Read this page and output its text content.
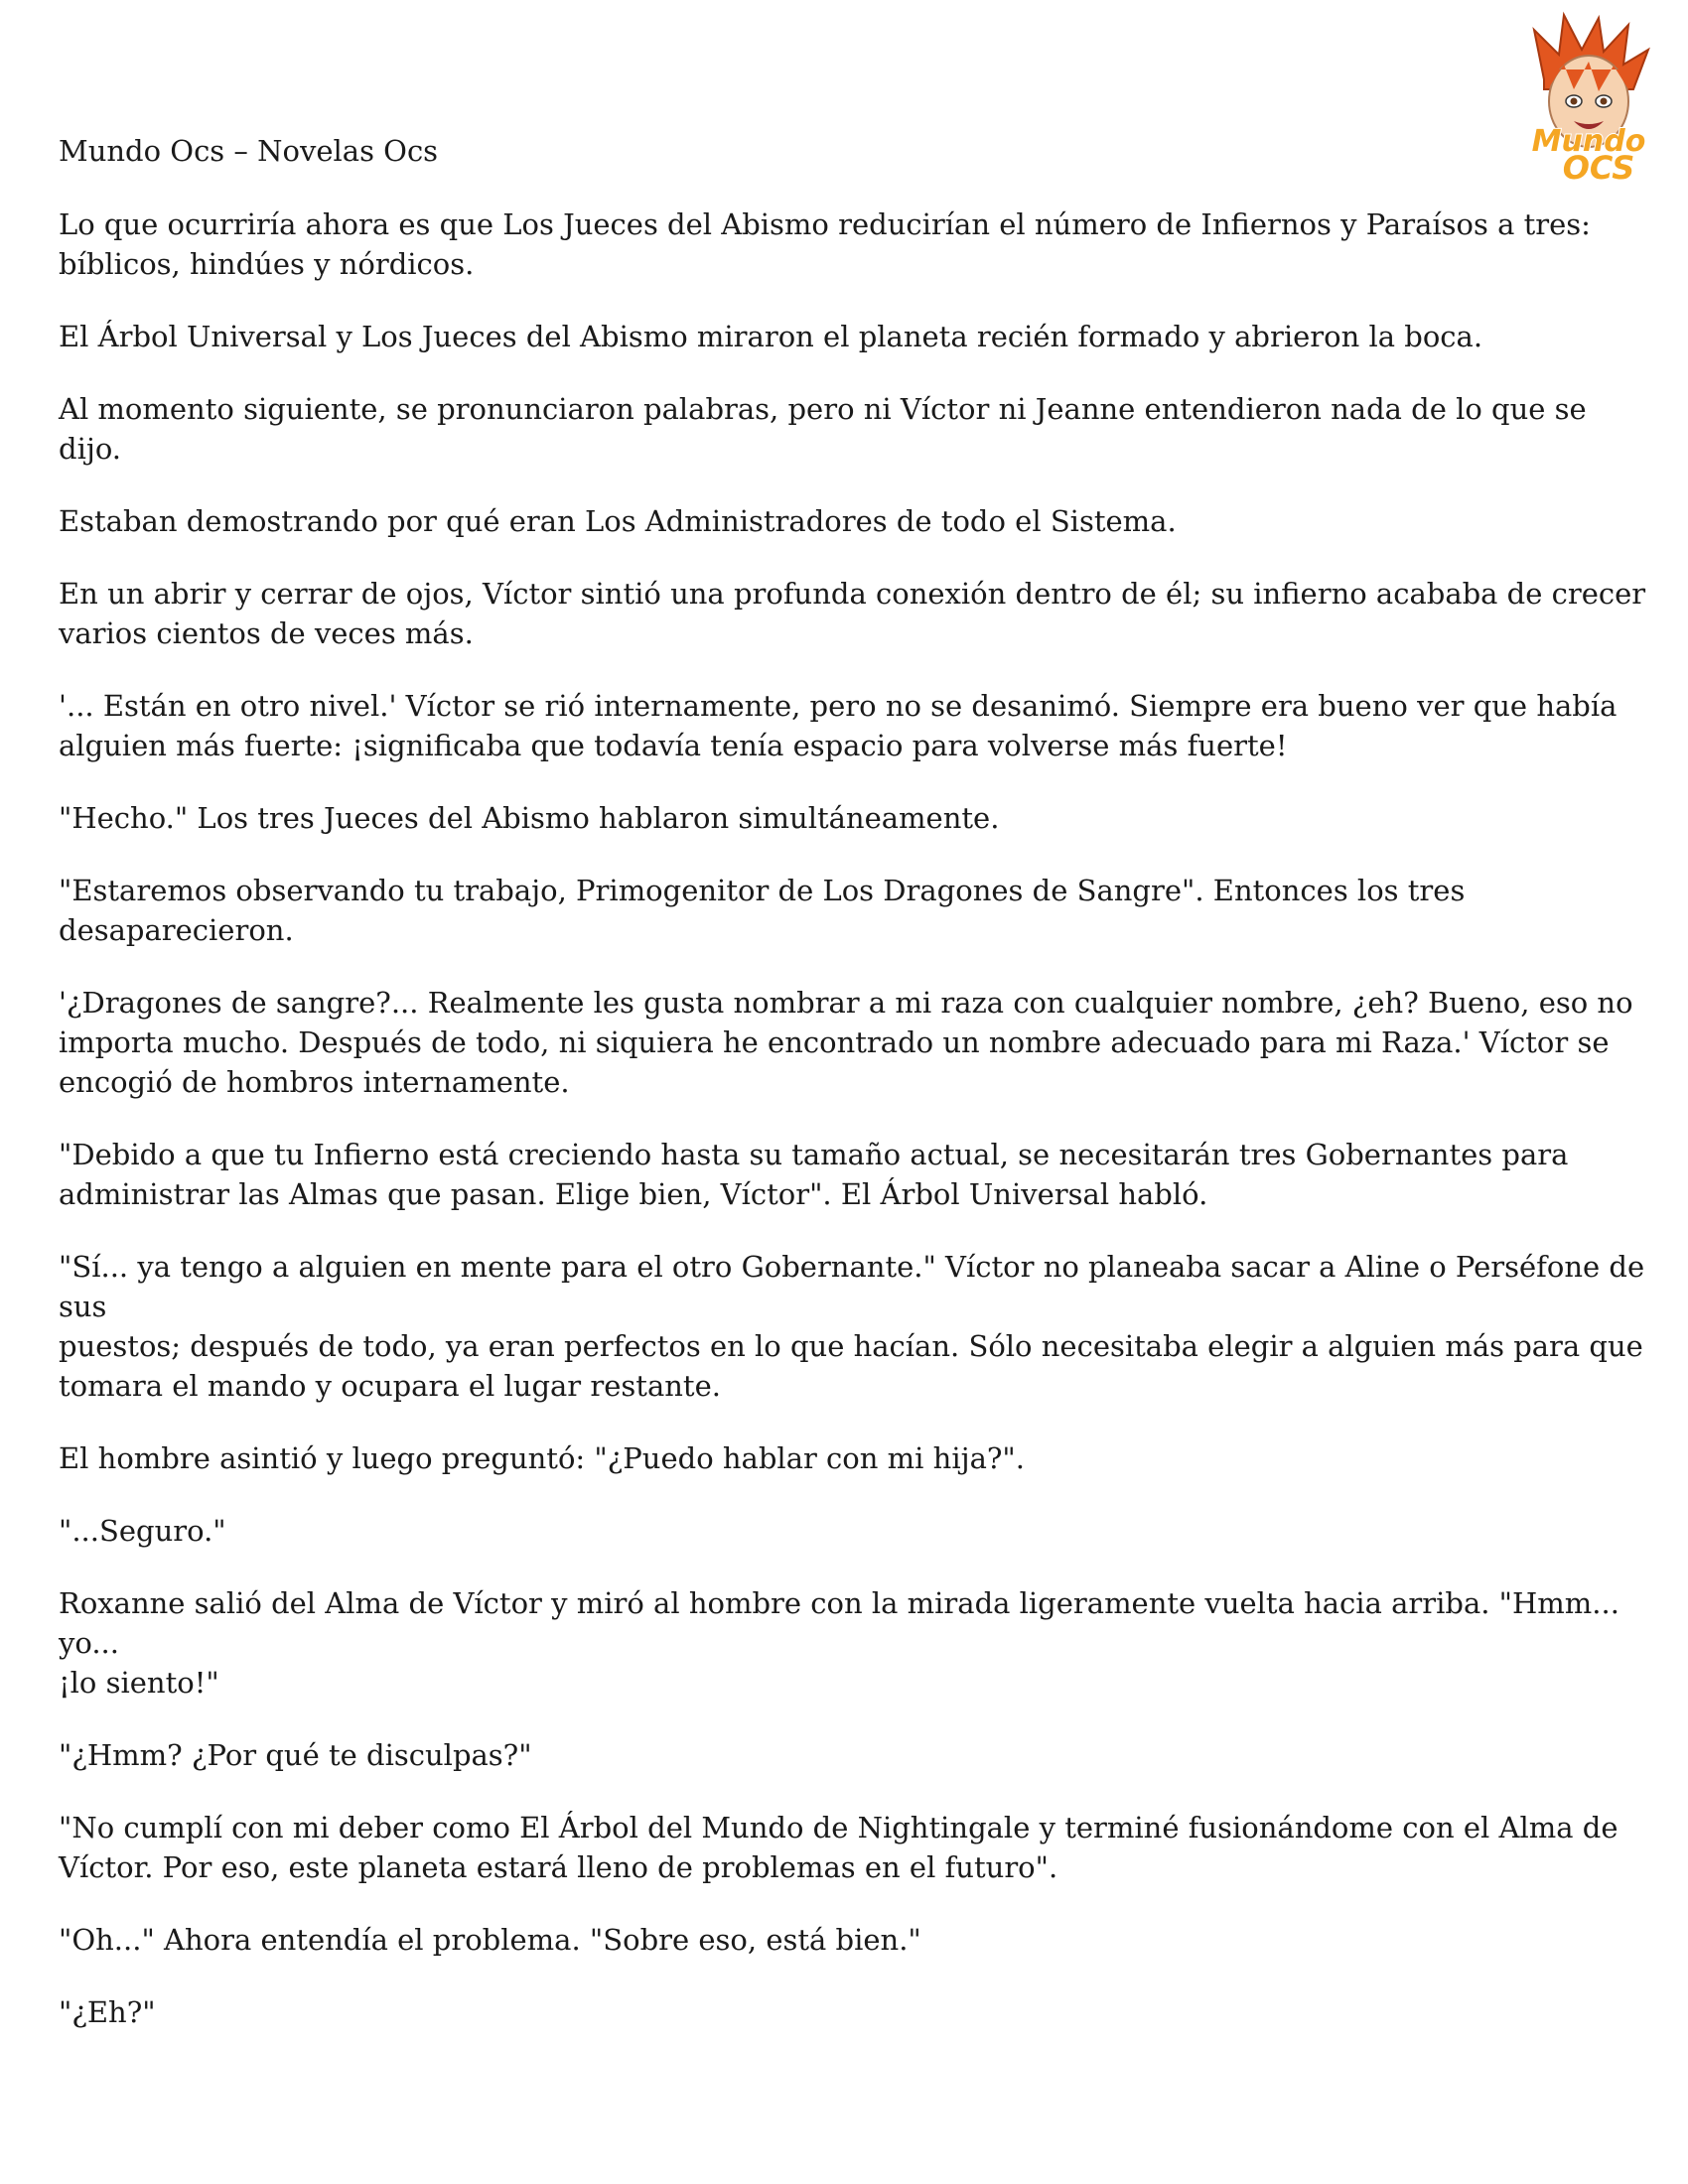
Mundo
OCS

Mundo Ocs – Novelas Ocs

Lo que ocurriría ahora es que Los Jueces del Abismo reducirían el número de Infiernos y Paraísos a tres:
bíblicos, hindúes y nórdicos.

El Árbol Universal y Los Jueces del Abismo miraron el planeta recién formado y abrieron la boca.

Al momento siguiente, se pronunciaron palabras, pero ni Víctor ni Jeanne entendieron nada de lo que se dijo.

Estaban demostrando por qué eran Los Administradores de todo el Sistema.

En un abrir y cerrar de ojos, Víctor sintió una profunda conexión dentro de él; su infierno acababa de crecer
varios cientos de veces más.

'... Están en otro nivel.' Víctor se rió internamente, pero no se desanimó. Siempre era bueno ver que había
alguien más fuerte: ¡significaba que todavía tenía espacio para volverse más fuerte!

"Hecho." Los tres Jueces del Abismo hablaron simultáneamente.

"Estaremos observando tu trabajo, Primogenitor de Los Dragones de Sangre". Entonces los tres desaparecieron.

'¿Dragones de sangre?... Realmente les gusta nombrar a mi raza con cualquier nombre, ¿eh? Bueno, eso no
importa mucho. Después de todo, ni siquiera he encontrado un nombre adecuado para mi Raza.' Víctor se
encogió de hombros internamente.

"Debido a que tu Infierno está creciendo hasta su tamaño actual, se necesitarán tres Gobernantes para
administrar las Almas que pasan. Elige bien, Víctor". El Árbol Universal habló.

"Sí... ya tengo a alguien en mente para el otro Gobernante." Víctor no planeaba sacar a Aline o Perséfone de sus
puestos; después de todo, ya eran perfectos en lo que hacían. Sólo necesitaba elegir a alguien más para que
tomara el mando y ocupara el lugar restante.

El hombre asintió y luego preguntó: "¿Puedo hablar con mi hija?".

"...Seguro."

Roxanne salió del Alma de Víctor y miró al hombre con la mirada ligeramente vuelta hacia arriba. "Hmm... yo...
¡lo siento!"

"¿Hmm? ¿Por qué te disculpas?"

"No cumplí con mi deber como El Árbol del Mundo de Nightingale y terminé fusionándome con el Alma de
Víctor. Por eso, este planeta estará lleno de problemas en el futuro".

"Oh..." Ahora entendía el problema. "Sobre eso, está bien."

"¿Eh?"
